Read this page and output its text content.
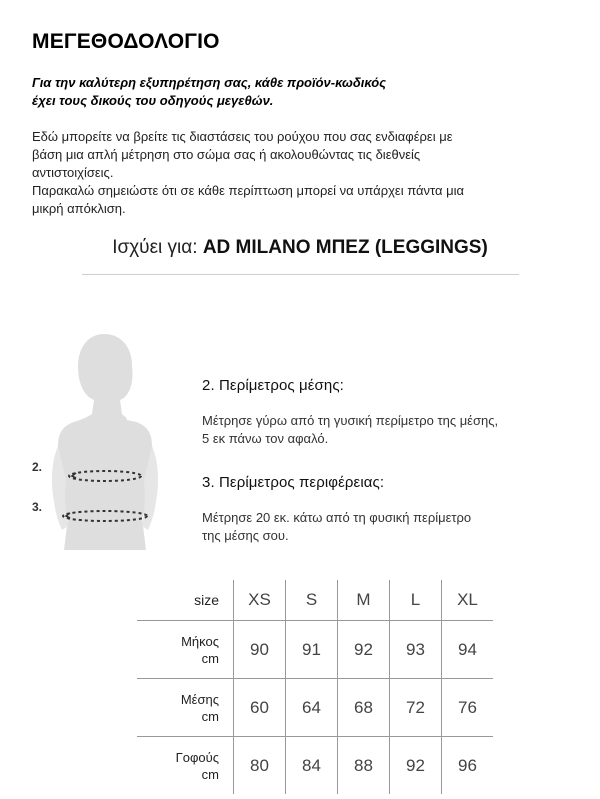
ΜΕΓΕΘΟΔΟΛΟΓΙΟ
Για την καλύτερη εξυπηρέτηση σας, κάθε προϊόν-κωδικός
έχει τους δικούς του οδηγούς μεγεθών.
Εδώ μπορείτε να βρείτε τις διαστάσεις του ρούχου που σας ενδιαφέρει με
βάση μια απλή μέτρηση στο σώμα σας ή ακολουθώντας τις διεθνείς
αντιστοιχίσεις.
Παρακαλώ σημειώστε ότι σε κάθε περίπτωση μπορεί να υπάρχει πάντα μια
μικρή απόκλιση.
Ισχύει για: AD MILANO ΜΠΕΖ (LEGGINGS)
2.
3.
2. Περίμετρος μέσης:
Μέτρησε γύρω από τη γυσική περίμετρο της μέσης,
5 εκ πάνω τον αφαλό.
3. Περίμετρος περιφέρειας:
Μέτρησε 20 εκ. κάτω από τη φυσική περίμετρο
της μέσης σου.
size	XS	S	M	L	XL

Μήκος
cm	90	91	92	93	94

Μέσης
cm	60	64	68	72	76

Γοφούς
cm	80	84	88	92	96
